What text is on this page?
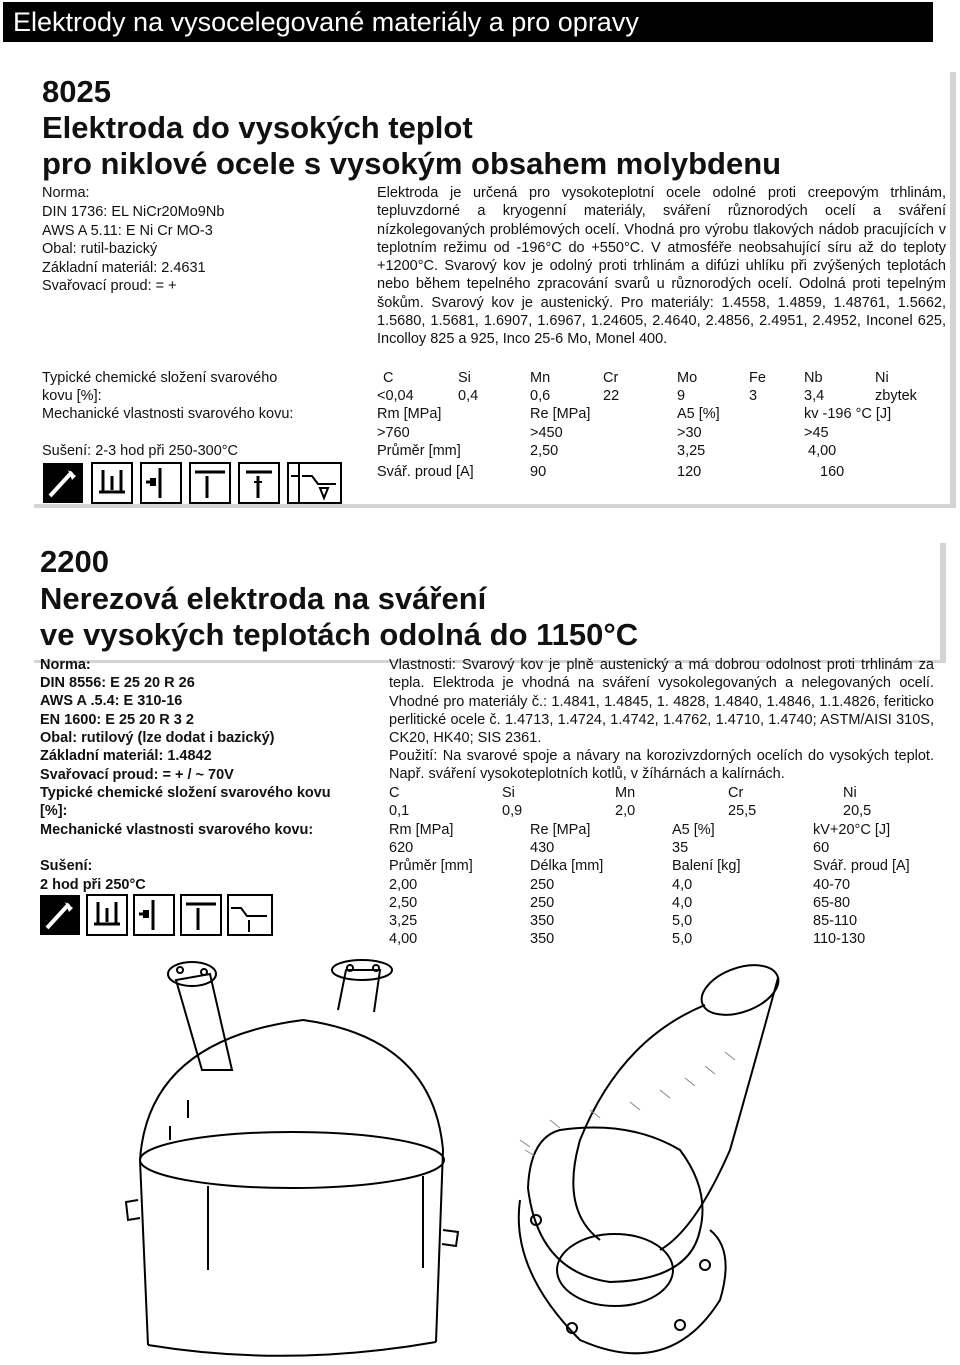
Elektrody na vysocelegované materiály a pro opravy
8025
Elektroda do vysokých teplot
pro niklové ocele s vysokým obsahem molybdenu
Norma:
DIN 1736: EL NiCr20Mo9Nb
AWS A 5.11: E Ni Cr MO-3
Obal: rutil-bazický
Základní materiál: 2.4631
Svařovací proud: = +
Elektroda je určená pro vysokoteplotní ocele odolné proti creepovým trhlinám, tepluvzdorné a kryogenní materiály, sváření různorodých ocelí a sváření nízkolegovaných problémových ocelí. Vhodná pro výrobu tlakových nádob pracujících v teplotním režimu od -196°C do +550°C. V atmosféře neobsahující síru až do teploty +1200°C. Svarový kov je odolný proti trhlinám a difúzi uhlíku při zvýšených teplotách nebo během tepelného zpracování svarů u různorodých ocelí. Odolná proti tepelným šokům. Svarový kov je austenický. Pro materiály: 1.4558, 1.4859, 1.48761, 1.5662, 1.5680, 1.5681, 1.6907, 1.6967, 1.24605, 2.4640, 2.4856, 2.4951, 2.4952, Inconel 625, Incolloy 825 a 925, Inco 25-6 Mo, Monel 400.
Typické chemické složení svarového
kovu [%]:
Mechanické vlastnosti svarového kovu:
Sušení: 2-3 hod při 250-300°C
C	Si	Mn	Cr	Mo	Fe	Nb	Ni
<0,04	0,4	0,6	22	9	3	3,4	zbytek
Rm [MPa]	Re [MPa]	A5 [%]	kv -196 °C [J]
>760	>450	>30	>45
Průměr [mm]	2,50	3,25	4,00
Svář. proud [A]	90	120	160
2200
Nerezová elektroda na sváření
ve vysokých teplotách odolná do 1150°C
Norma:
DIN 8556: E 25 20 R 26
AWS A .5.4: E 310-16
EN 1600: E 25 20 R 3 2
Obal: rutilový (lze dodat i bazický)
Základní materiál: 1.4842
Svařovací proud: = + / ~ 70V
Typické chemické složení svarového kovu
[%]:
Mechanické vlastnosti svarového kovu:
Sušení:
2 hod při 250°C
Vlastnosti: Svarový kov je plně austenický a má dobrou odolnost proti trhlinám za tepla. Elektroda je vhodná na sváření vysokolegovaných a nelegovaných ocelí. Vhodné pro materiály č.: 1.4841, 1.4845, 1. 4828, 1.4840, 1.4846, 1.1.4826, feriticko perlitické ocele č. 1.4713, 1.4724, 1.4742, 1.4762, 1.4710, 1.4740; ASTM/AISI 310S, CK20, HK40; SIS 2361.
Použití: Na svarové spoje a návary na korozivzdorných ocelích do vysokých teplot. Např. sváření vysokoteplotních kotlů, v žíhárnách a kalírnách.
C	Si	Mn	Cr	Ni
0,1	0,9	2,0	25,5	20,5
Rm [MPa]	Re [MPa]	A5 [%]	kV+20°C [J]
620	430	35	60
Průměr [mm]	Délka [mm]	Balení [kg]	Svář. proud [A]
2,00	250	4,0	40-70
2,50	250	4,0	65-80
3,25	350	5,0	85-110
4,00	350	5,0	110-130
